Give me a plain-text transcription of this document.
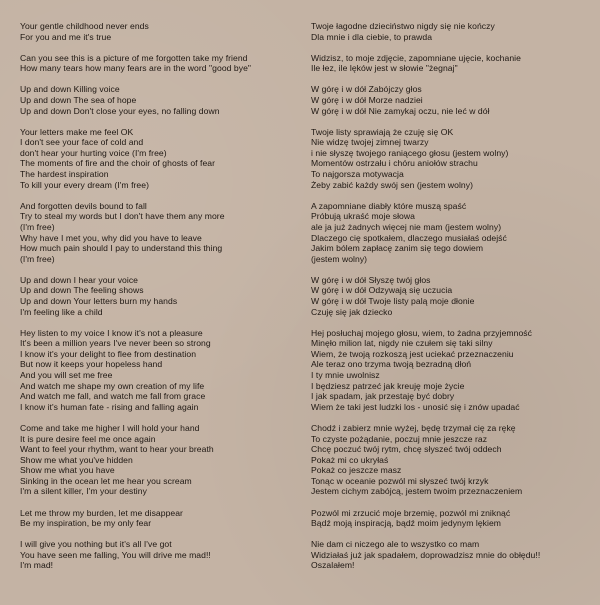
Your gentle childhood never ends
For you and me it's true
Can you see this is a picture of me forgotten take my friend
How many tears how many fears are in the word "good bye"
Up and down Killing voice
Up and down The sea of hope
Up and down Don't close your eyes, no falling down
Your letters make me feel OK
I don't see your face of cold and
don't hear your hurting voice (I'm free)
The moments of fire and the choir of ghosts of fear
The hardest inspiration
To kill your every dream (I'm free)
And forgotten devils bound to fall
Try to steal my words but I don't have them any more
(I'm free)
Why have I met you, why did you have to leave
How much pain should I pay to understand this thing
(I'm free)
Up and down I hear your voice
Up and down The feeling shows
Up and down Your letters burn my hands
I'm feeling like a child
Hey listen to my voice I know it's not a pleasure
It's been a million years I've never been so strong
I know it's your delight to flee from destination
But now it keeps your hopeless hand
And you will set me free
And watch me shape my own creation of my life
And watch me fall, and watch me fall from grace
I know it's human fate - rising and falling again
Come and take me higher I will hold your hand
It is pure desire feel me once again
Want to feel your rhythm, want to hear your breath
Show me what you've hidden
Show me what you have
Sinking in the ocean let me hear you scream
I'm a silent killer, I'm your destiny
Let me throw my burden, let me disappear
Be my inspiration, be my only fear
I will give you nothing but it's all I've got
You have seen me falling, You will drive me mad!!
I'm mad!
Twoje łagodne dzieciństwo nigdy się nie kończy
Dla mnie i dla ciebie, to prawda
Widzisz, to moje zdjęcie, zapomniane ujęcie, kochanie
Ile łez, ile lęków jest w słowie "żegnaj"
W górę i w dół Zabójczy głos
W górę i w dół Morze nadziei
W górę i w dół Nie zamykaj oczu, nie leć w dół
Twoje listy sprawiają że czuję się OK
Nie widzę twojej zimnej twarzy
i nie słyszę twojego raniącego głosu (jestem wolny)
Momentów ostrzału i chóru aniołów strachu
To najgorsza motywacja
Żeby zabić każdy swój sen (jestem wolny)
A zapomniane diabły które muszą spaść
Próbują ukraść moje słowa
ale ja już żadnych więcej nie mam (jestem wolny)
Dlaczego cię spotkałem, dlaczego musiałaś odejść
Jakim bólem zapłacę zanim się tego dowiem
(jestem wolny)
W górę i w dół Słyszę twój głos
W górę i w dół Odzywają się uczucia
W górę i w dół Twoje listy palą moje dłonie
Czuję się jak dziecko
Hej posłuchaj mojego głosu, wiem, to żadna przyjemność
Minęło milion lat, nigdy nie czułem się taki silny
Wiem, że twoją rozkoszą jest uciekać przeznaczeniu
Ale teraz ono trzyma twoją bezradną dłoń
I ty mnie uwolnisz
I będziesz patrzeć jak kreuję moje życie
I jak spadam, jak przestaję być dobry
Wiem że taki jest ludzki los - unosić się i znów upadać
Chodź i zabierz mnie wyżej, będę trzymał cię za rękę
To czyste pożądanie, poczuj mnie jeszcze raz
Chcę poczuć twój rytm, chcę słyszeć twój oddech
Pokaż mi co ukryłaś
Pokaż co jeszcze masz
Tonąc w oceanie pozwól mi słyszeć twój krzyk
Jestem cichym zabójcą, jestem twoim przeznaczeniem
Pozwól mi zrzucić moje brzemię, pozwól mi zniknąć
Bądź moją inspiracją, bądź moim jedynym lękiem
Nie dam ci niczego ale to wszystko co mam
Widziałaś już jak spadałem, doprowadzisz mnie do obłędu!!
Oszalałem!
